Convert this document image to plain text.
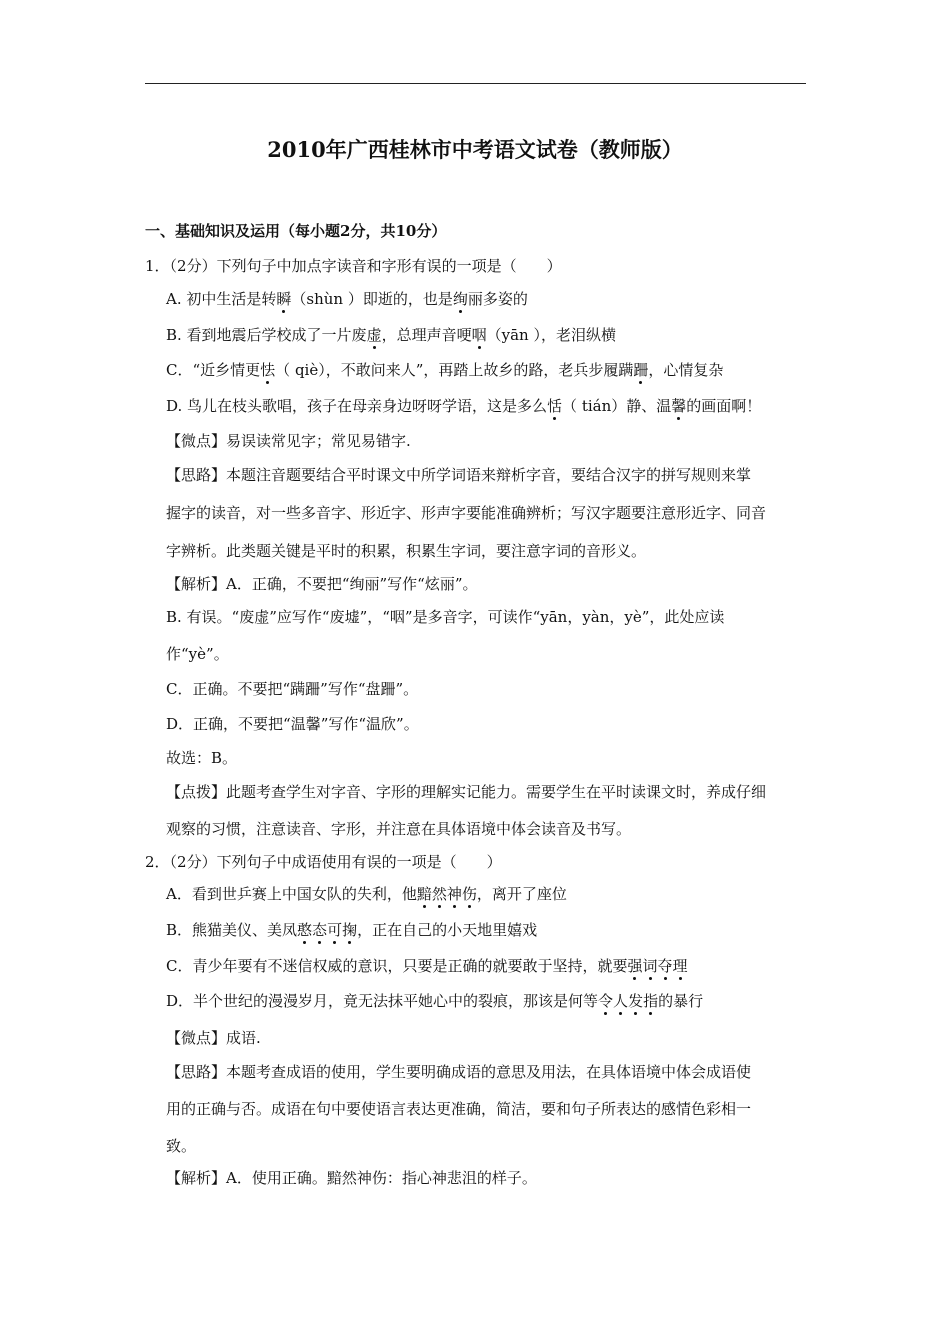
2010年广西桂林市中考语文试卷（教师版）
一、基础知识及运用（每小题2分，共10分）
1．（2分）下列句子中加点字读音和字形有误的一项是（　　）
A. 初中生活是转瞬（shùn ）即逝的，也是绚丽多姿的
B. 看到地震后学校成了一片废虚，总理声音哽咽（yān ），老泪纵横
C．“近乡情更怯（ qiè），不敢问来人”，再踏上故乡的路，老兵步履蹒跚，心情复杂
D. 鸟儿在枝头歌唱，孩子在母亲身边呀呀学语，这是多么恬（ tián）静、温馨的画面啊！
【微点】易误读常见字；常见易错字.
【思路】本题注音题要结合平时课文中所学词语来辩析字音，要结合汉字的拼写规则来掌
握字的读音，对一些多音字、形近字、形声字要能准确辨析；写汉字题要注意形近字、同音
字辨析。此类题关键是平时的积累，积累生字词，要注意字词的音形义。
【解析】A．正确，不要把“绚丽”写作“炫丽”。
B. 有误。“废虚”应写作“废墟”，“咽”是多音字，可读作“yān，yàn，yè”，此处应读
作“yè”。
C．正确。不要把“蹒跚”写作“盘跚”。
D．正确，不要把“温馨”写作“温欣”。
故选：B。
【点拨】此题考查学生对字音、字形的理解实记能力。需要学生在平时读课文时，养成仔细
观察的习惯，注意读音、字形，并注意在具体语境中体会读音及书写。
2．（2分）下列句子中成语使用有误的一项是（　　）
A．看到世乒赛上中国女队的失利，他黯然神伤，离开了座位
B．熊猫美仪、美凤憨态可掬，正在自己的小天地里嬉戏
C．青少年要有不迷信权威的意识，只要是正确的就要敢于坚持，就要强词夺理
D．半个世纪的漫漫岁月，竟无法抹平她心中的裂痕，那该是何等令人发指的暴行
【微点】成语.
【思路】本题考查成语的使用，学生要明确成语的意思及用法，在具体语境中体会成语使
用的正确与否。成语在句中要使语言表达更准确，简洁，要和句子所表达的感情色彩相一
致。
【解析】A．使用正确。黯然神伤：指心神悲沮的样子。
